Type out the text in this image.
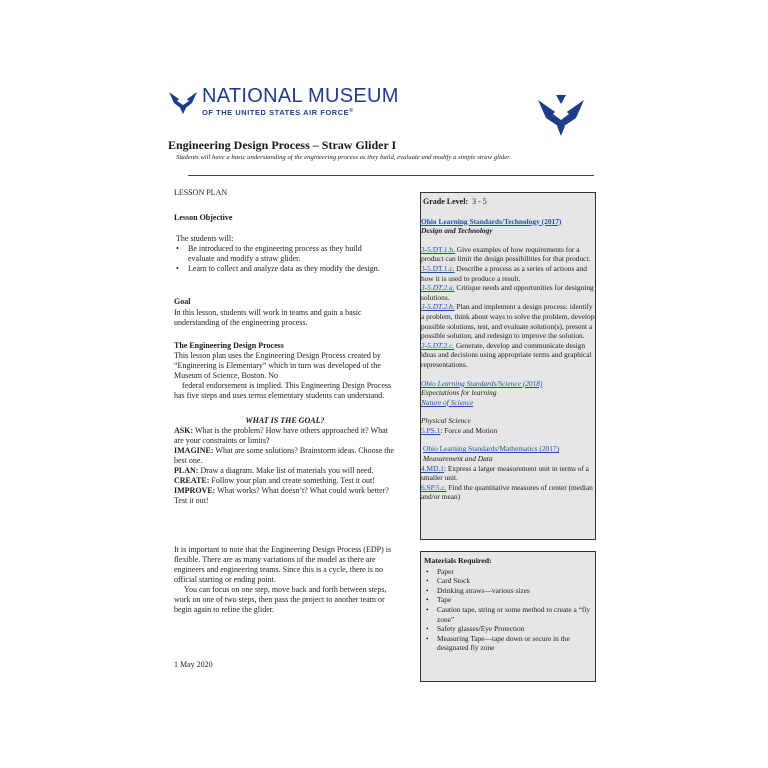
NATIONAL MUSEUM
OF THE UNITED STATES AIR FORCE®
Engineering Design Process – Straw Glider I
Students will have a basic understanding of the engineering process as they build, evaluate and modify a simple straw glider.
LESSON PLAN
Lesson Objective
The students will:
• Be introduced to the engineering process as they build evaluate and modify a straw glider.
• Learn to collect and analyze data as they modify the design.
Goal
In this lesson, students will work in teams and gain a basic understanding of the engineering process.
The Engineering Design Process
This lesson plan uses the Engineering Design Process created by “Engineering is Elementary” which in turn was developed of the Museum of Science, Boston. No
federal endorsement is implied. This Engineering Design Process has five steps and uses terms elementary students can understand.
WHAT IS THE GOAL?
ASK: What is the problem? How have others approached it? What are your constraints or limits?
IMAGINE: What are some solutions? Brainstorm ideas. Choose the best one.
PLAN: Draw a diagram. Make list of materials you will need.
CREATE: Follow your plan and create something. Test it out!
IMPROVE: What works? What doesn’t? What could work better? Test it out!
It is important to note that the Engineering Design Process (EDP) is flexible. There are as many variations of the model as there are engineers and engineering teams. Since this is a cycle, there is no official starting or ending point.
You can focus on one step, move back and forth between steps, work on one of two steps, then pass the project to another team or begin again to refine the glider.
1 May 2020
Grade Level: 3 - 5
Ohio Learning Standards/Technology (2017)
Design and Technology
3-5.DT.1.b. Give examples of how requirements for a product can limit the design possibilities for that product.
3-5.DT.1.c. Describe a process as a series of actions and how it is used to produce a result.
3-5.DT.2.a. Critique needs and opportunities for designing solutions.
3-5.DT.2.b. Plan and implement a design process: identify a problem, think about ways to solve the problem, develop possible solutions, test, and evaluate solution(s), present a possible solution, and redesign to improve the solution.
3-5.DT.2.c. Generate, develop and communicate design ideas and decisions using appropriate terms and graphical representations.
Ohio Learning Standards/Science (2018)
Expectations for learning
Nature of Science
Physical Science
5.PS.1: Force and Motion
Ohio Learning Standards/Mathematics (2017)
Measurement and Data
4.MD.1: Express a larger measurement unit in terms of a smaller unit.
6.SP.5.c. Find the quantitative measures of center (median and/or mean)
Materials Required:
• Paper
• Card Stock
• Drinking straws—various sizes
• Tape
• Caution tape, string or some method to create a “fly zone”
• Safety glasses/Eye Protection
• Measuring Tape—tape down or secure in the designated fly zone
